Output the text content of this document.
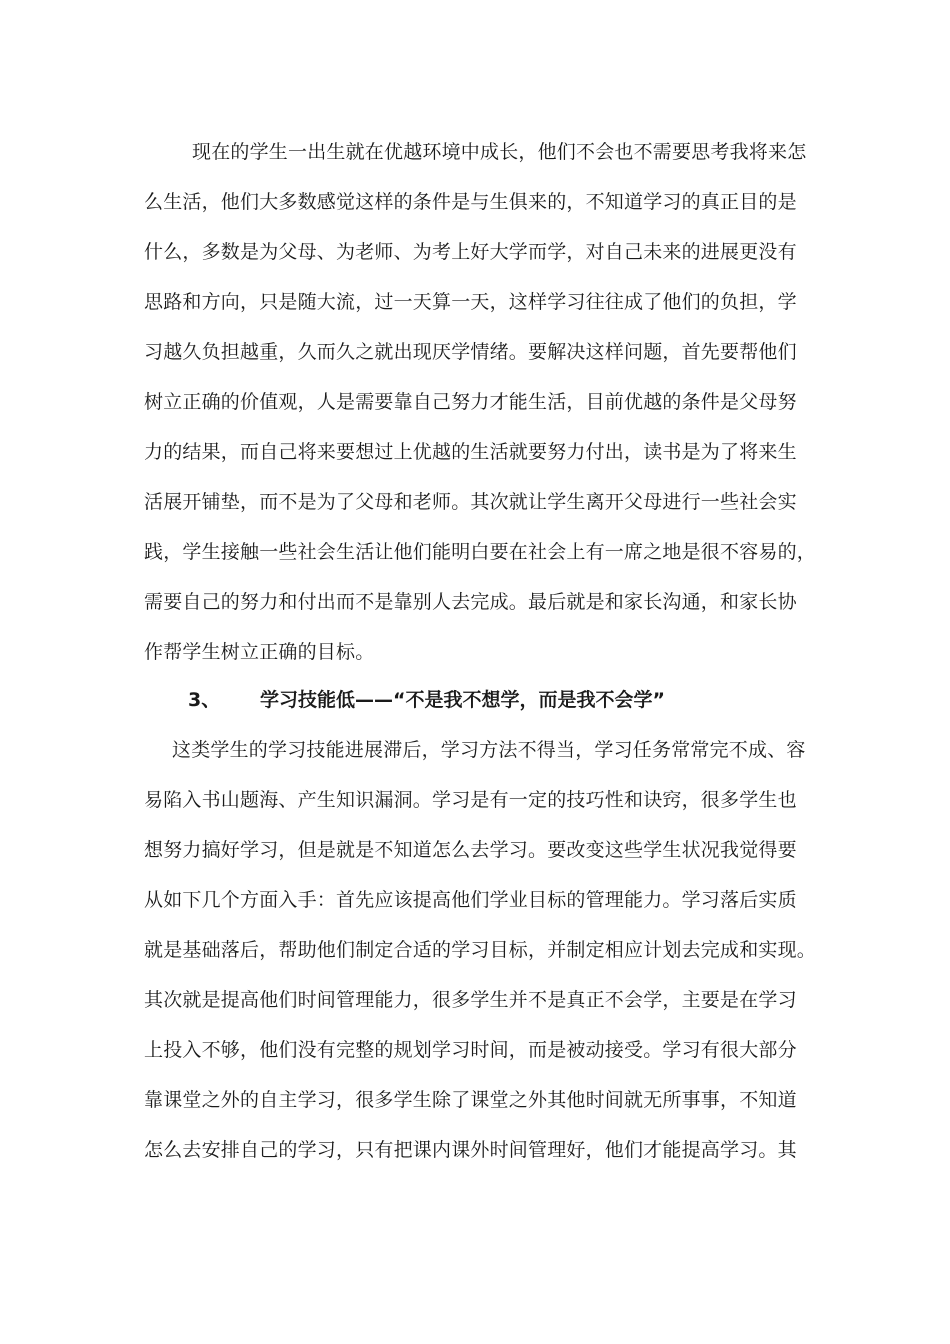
现在的学生一出生就在优越环境中成长，他们不会也不需要思考我将来怎
么生活，他们大多数感觉这样的条件是与生俱来的，不知道学习的真正目的是
什么，多数是为父母、为老师、为考上好大学而学，对自己未来的进展更没有
思路和方向，只是随大流，过一天算一天，这样学习往往成了他们的负担，学
习越久负担越重，久而久之就出现厌学情绪。要解决这样问题，首先要帮他们
树立正确的价值观，人是需要靠自己努力才能生活，目前优越的条件是父母努
力的结果，而自己将来要想过上优越的生活就要努力付出，读书是为了将来生
活展开铺垫，而不是为了父母和老师。其次就让学生离开父母进行一些社会实
践，学生接触一些社会生活让他们能明白要在社会上有一席之地是很不容易的，
需要自己的努力和付出而不是靠别人去完成。最后就是和家长沟通，和家长协
作帮学生树立正确的目标。
3、 学习技能低——“不是我不想学，而是我不会学”
这类学生的学习技能进展滞后，学习方法不得当，学习任务常常完不成、容
易陷入书山题海、产生知识漏洞。学习是有一定的技巧性和诀窍，很多学生也
想努力搞好学习，但是就是不知道怎么去学习。要改变这些学生状况我觉得要
从如下几个方面入手：首先应该提高他们学业目标的管理能力。学习落后实质
就是基础落后，帮助他们制定合适的学习目标，并制定相应计划去完成和实现。
其次就是提高他们时间管理能力，很多学生并不是真正不会学，主要是在学习
上投入不够，他们没有完整的规划学习时间，而是被动接受。学习有很大部分
靠课堂之外的自主学习，很多学生除了课堂之外其他时间就无所事事，不知道
怎么去安排自己的学习，只有把课内课外时间管理好，他们才能提高学习。其
